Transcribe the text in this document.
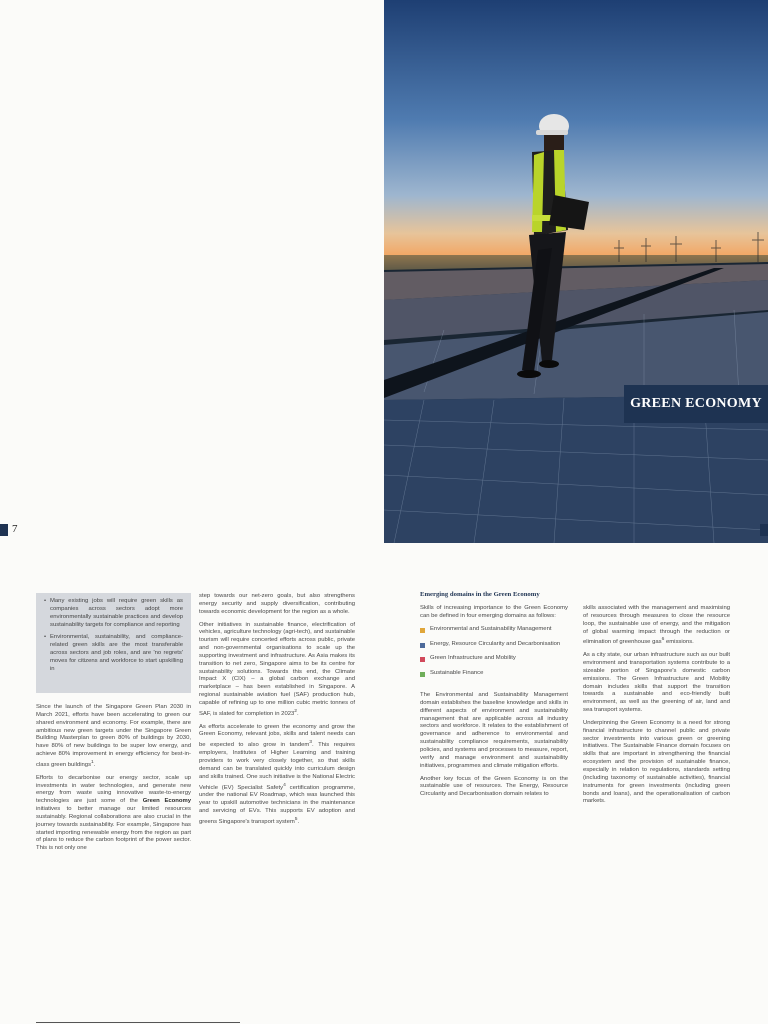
GREEN ECONOMY
7
• Many existing jobs will require green skills as companies across sectors adopt more environmentally sustainable practices and develop sustainability targets for compliance and reporting
• Environmental, sustainability, and compliance-related green skills are the most transferable across sectors and job roles, and are 'no regrets' moves for citizens and workforce to start upskilling in

Since the launch of the Singapore Green Plan 2030 in March 2021, efforts have been accelerating to green our shared environment and economy. For example, there are ambitious new green targets under the Singapore Green Building Masterplan to green 80% of buildings by 2030, have 80% of new buildings to be super low energy, and achieve 80% improvement in energy efficiency for best-in-class green buildings$^1$.

Efforts to decarbonise our energy sector, scale up investments in water technologies, and generate new energy from waste using innovative waste-to-energy technologies are just some of the Green Economy initiatives to better manage our limited resources sustainably. Regional collaborations are also crucial in the journey towards sustainability. For example, Singapore has started importing renewable energy from the region as part of plans to reduce the carbon footprint of the power sector. This is not only one

step towards our net-zero goals, but also strengthens energy security and supply diversification, contributing towards economic development for the region as a whole.

Other initiatives in sustainable finance, electrification of vehicles, agriculture technology (agri-tech), and sustainable tourism will require concerted efforts across public, private and non-governmental organisations to scale up the supporting investment and infrastructure. As Asia makes its transition to net zero, Singapore aims to be its centre for sustainability solutions. Towards this end, the Climate Impact X (CIX) – a global carbon exchange and marketplace – has been established in Singapore. A regional sustainable aviation fuel (SAF) production hub, capable of refining up to one million cubic metric tonnes of SAF, is slated for completion in 2023$^2$.

As efforts accelerate to green the economy and grow the Green Economy, relevant jobs, skills and talent needs can be expected to also grow in tandem$^3$. This requires employers, Institutes of Higher Learning and training providers to work very closely together, so that skills demand can be translated quickly into curriculum design and skills trained. One such initiative is the National Electric Vehicle (EV) Specialist Safety$^4$ certification programme, under the national EV Roadmap, which was launched this year to upskill automotive technicians in the maintenance and servicing of EVs. This supports EV adoption and greens Singapore's transport system$^5$.

Emerging domains in the Green Economy

Skills of increasing importance to the Green Economy can be defined in four emerging domains as follows:

Environmental and Sustainability Management
Energy, Resource Circularity and Decarbonisation
Green Infrastructure and Mobility
Sustainable Finance

The Environmental and Sustainability Management domain establishes the baseline knowledge and skills in different aspects of environment and sustainability management that are applicable across all industry sectors and workforce. It relates to the establishment of governance and adherence to environmental and sustainability compliance requirements, sustainability policies, and systems and processes to measure, report, verify and manage environment and sustainability initiatives, programmes and climate mitigation efforts.

Another key focus of the Green Economy is on the sustainable use of resources. The Energy, Resource Circularity and Decarbonisation domain relates to

skills associated with the management and maximising of resources through measures to close the resource loop, the sustainable use of energy, and the mitigation of global warming impact through the reduction or elimination of greenhouse gas$^6$ emissions.

As a city state, our urban infrastructure such as our built environment and transportation systems contribute to a sizeable portion of Singapore's domestic carbon emissions. The Green Infrastructure and Mobility domain includes skills that support the transition towards a sustainable and eco-friendly built environment, as well as the greening of air, land and sea transport systems.

Underpinning the Green Economy is a need for strong financial infrastructure to channel public and private sector investments into various green or greening initiatives. The Sustainable Finance domain focuses on skills that are important in strengthening the financial ecosystem and the provision of sustainable finance, especially in relation to regulations, standards setting (including taxonomy of sustainable activities), financial instruments for green investments (including green bonds and loans), and the operationalisation of carbon markets.
